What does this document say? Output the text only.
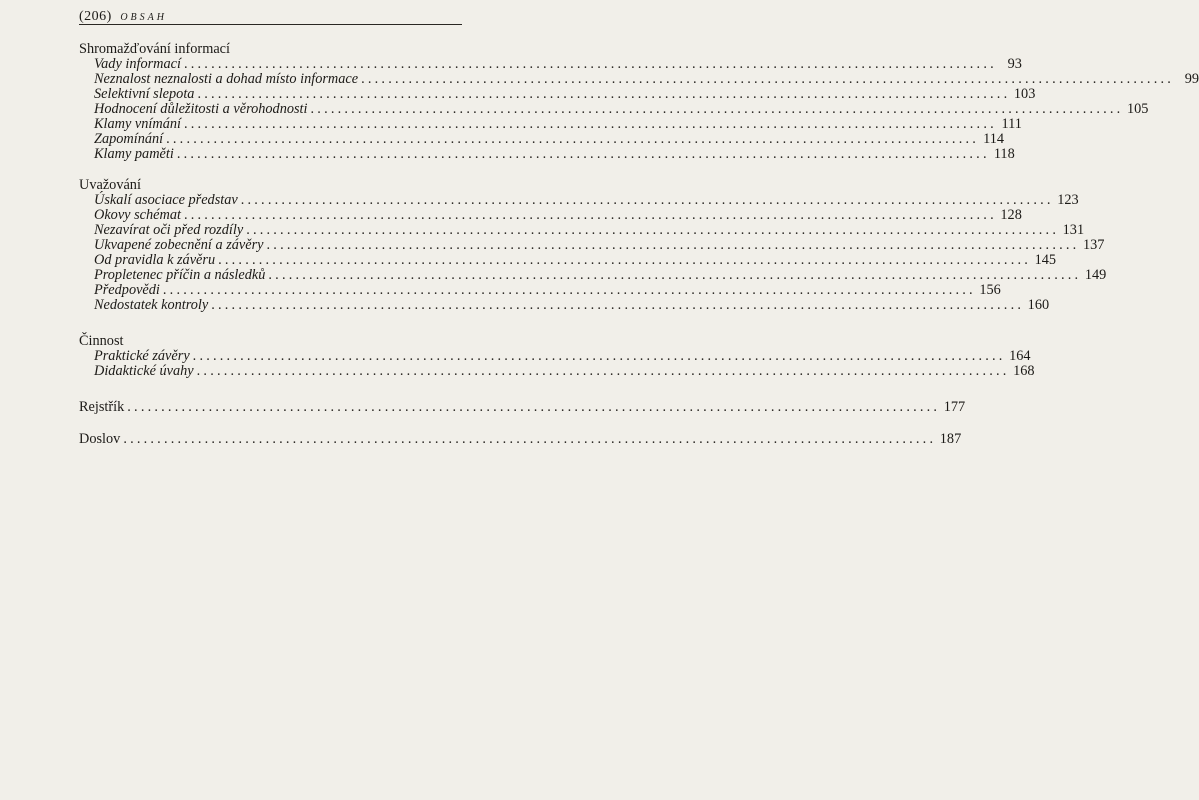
(206) OBSAH
Shromažďování informací
Vady informací ........................................................................................................................ 93
Neznalost neznalosti a dohad místo informace ........................................................................................................................ 99
Selektivní slepota ........................................................................................................................ 103
Hodnocení důležitosti a věrohodnosti ........................................................................................................................ 105
Klamy vnímání ........................................................................................................................ 111
Zapomínání ........................................................................................................................ 114
Klamy paměti ........................................................................................................................ 118
Uvažování
Úskalí asociace představ ........................................................................................................................ 123
Okovy schémat ........................................................................................................................ 128
Nezavírat oči před rozdíly ........................................................................................................................ 131
Ukvapené zobecnění a závěry ........................................................................................................................ 137
Od pravidla k závěru ........................................................................................................................ 145
Propletenec příčin a následků ........................................................................................................................ 149
Předpovědi ........................................................................................................................ 156
Nedostatek kontroly ........................................................................................................................ 160
Činnost
Praktické závěry ........................................................................................................................ 164
Didaktické úvahy ........................................................................................................................ 168
Rejstřík ........................................................................................................................ 177
Doslov ........................................................................................................................ 187
